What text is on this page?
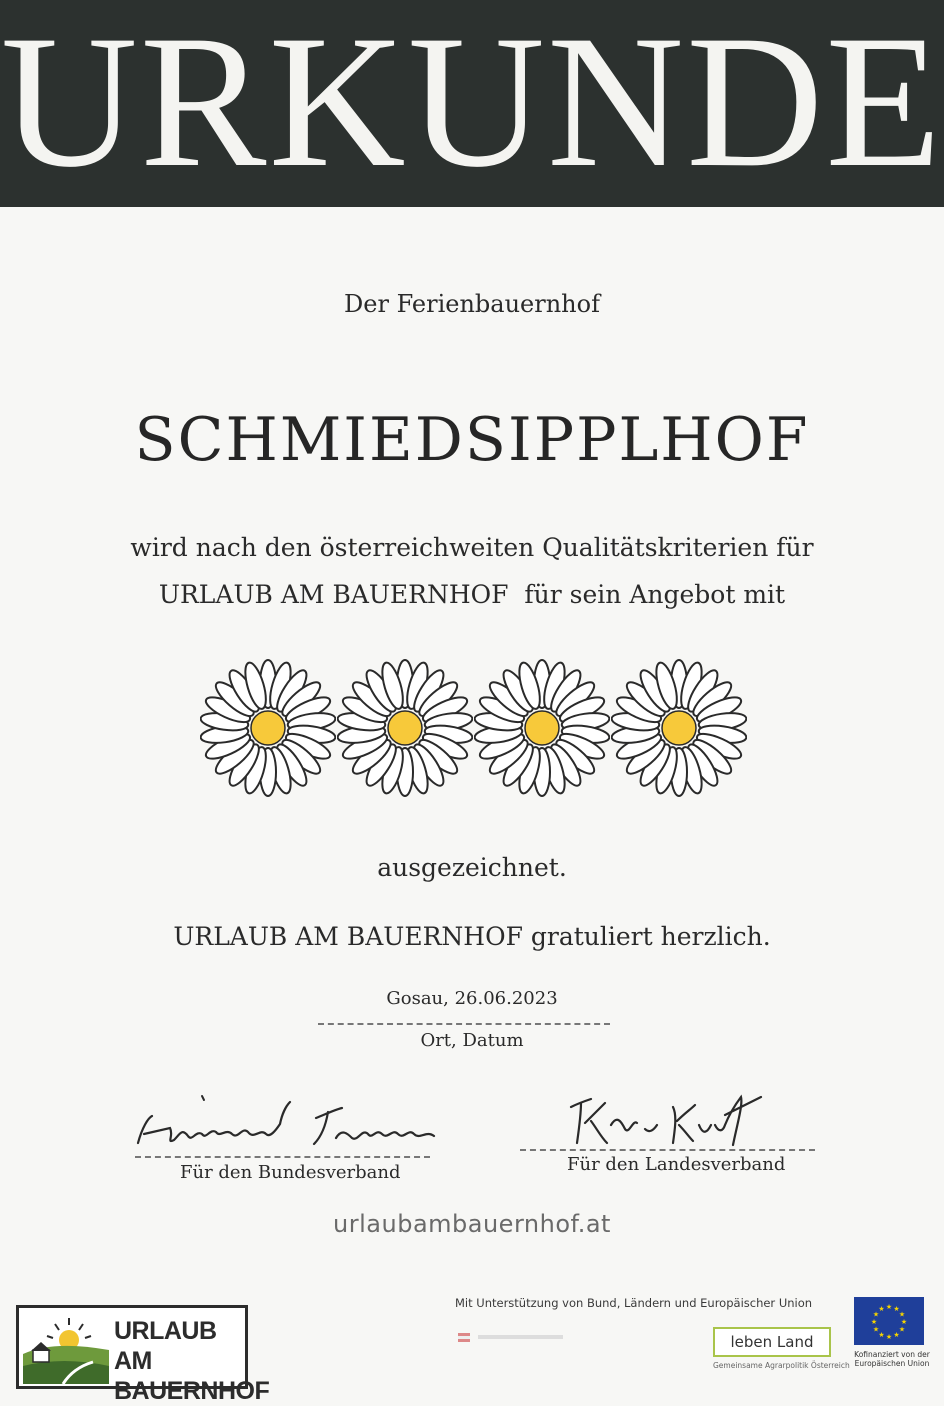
URKUNDE
Der Ferienbauernhof
SCHMIEDSIPPLHOF
wird nach den österreichweiten Qualitätskriterien für
URLAUB AM BAUERNHOF  für sein Angebot mit
ausgezeichnet.
URLAUB AM BAUERNHOF gratuliert herzlich.
Gosau, 26.06.2023
Ort, Datum
Für den Bundesverband	Für den Landesverband
urlaubambauernhof.at
URLAUB AM
BAUERNHOF
Mit Unterstützung von Bund, Ländern und Europäischer Union
leben Land
Gemeinsame Agrarpolitik Österreich
★
★
★
★
★
★
★
★
★ ★ ★
★
Kofinanziert von der
Europäischen Union
